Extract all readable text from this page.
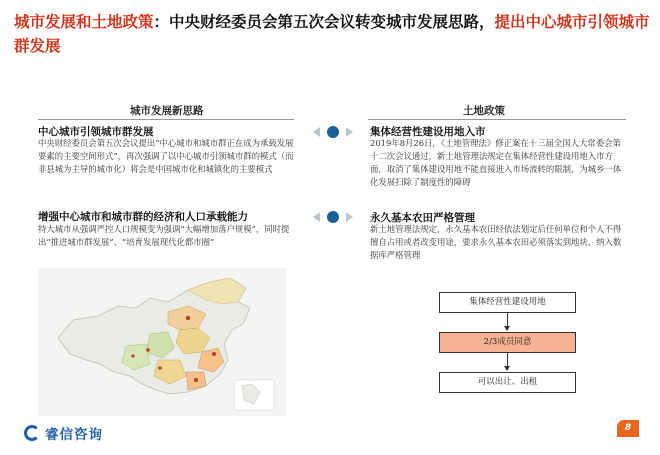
城市发展和土地政策：中央财经委员会第五次会议转变城市发展思路，提出中心城市引领城市群发展
城市发展新思路	土地政策
中心城市引领城市群发展
中央财经委员会第五次会议提出“中心城市和城市群正在成为承载发展要素的主要空间形式”，再次强调了以中心城市引领城市群的模式（而非县城为主导的城市化）将会是中国城市化和城镇化的主要模式
增强中心城市和城市群的经济和人口承载能力
特大城市从强调严控人口规模变为强调“大幅增加落户规模”，同时提出“推进城市群发展”、“培育发展现代化都市圈”
集体经营性建设用地入市
2019年8月26日，《土地管理法》修正案在十三届全国人大常委会第十二次会议通过，新土地管理法规定在集体经营性建设用地入市方面，取消了集体建设用地不能直接进入市场流转的限制，为城乡一体化发展扫除了制度性的障碍
永久基本农田严格管理
新土地管理法规定，永久基本农田经依法划定后任何单位和个人不得擅自占用或者改变用途，要求永久基本农田必须落实到地块，纳入数据库严格管理
集体经营性建设用地
2/3成员同意
可以出让、出租
睿信咨询	8
